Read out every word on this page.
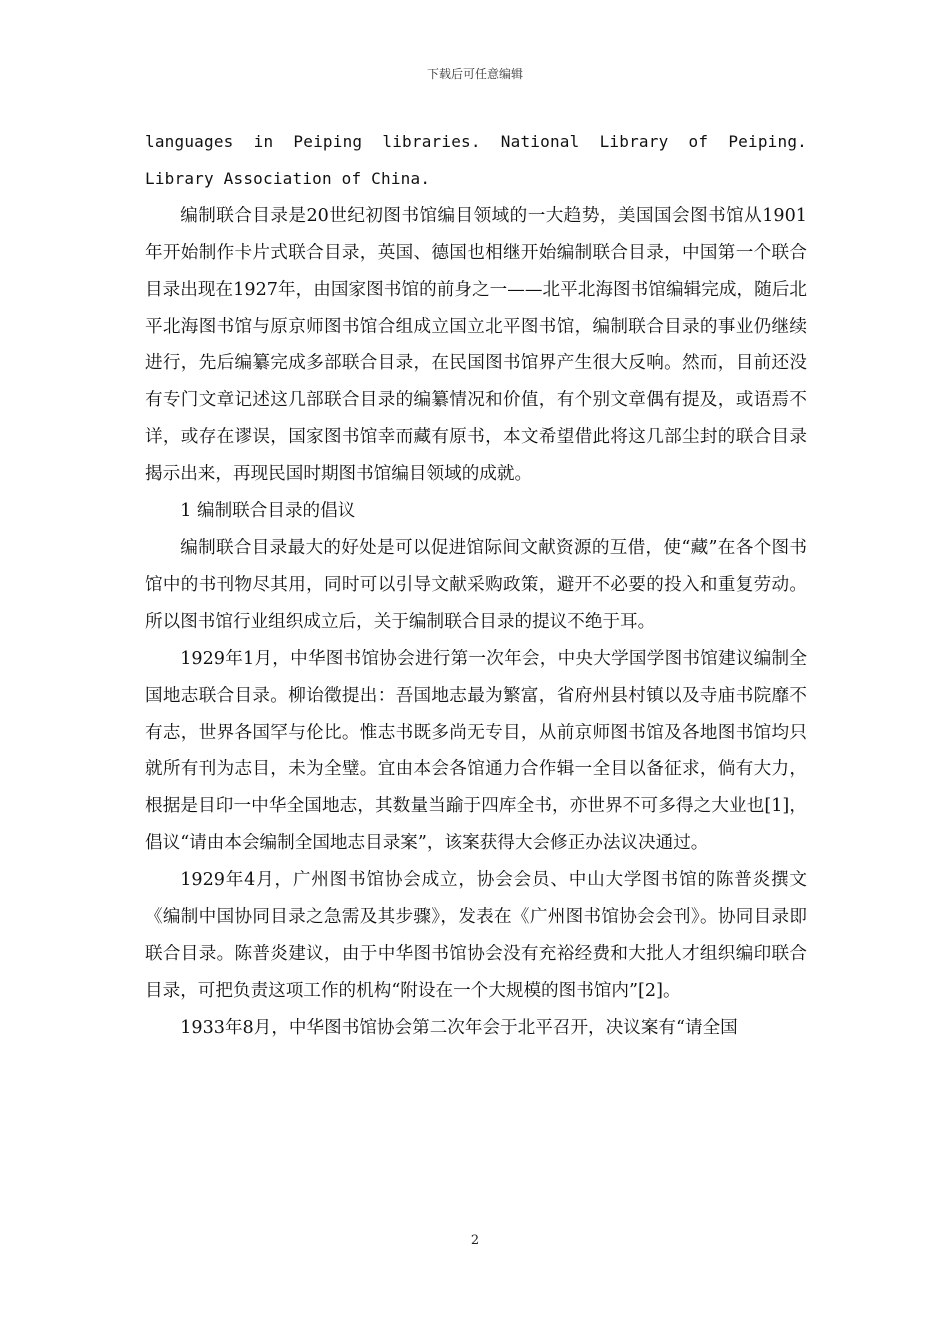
下载后可任意编辑

languages in Peiping libraries. National Library of Peiping. Library Association of China.

编制联合目录是20世纪初图书馆编目领域的一大趋势，美国国会图书馆从1901年开始制作卡片式联合目录，英国、德国也相继开始编制联合目录，中国第一个联合目录出现在1927年，由国家图书馆的前身之一——北平北海图书馆编辑完成，随后北平北海图书馆与原京师图书馆合组成立国立北平图书馆，编制联合目录的事业仍继续进行，先后编纂完成多部联合目录，在民国图书馆界产生很大反响。然而，目前还没有专门文章记述这几部联合目录的编纂情况和价值，有个别文章偶有提及，或语焉不详，或存在谬误，国家图书馆幸而藏有原书，本文希望借此将这几部尘封的联合目录揭示出来，再现民国时期图书馆编目领域的成就。

1 编制联合目录的倡议

编制联合目录最大的好处是可以促进馆际间文献资源的互借，使“藏”在各个图书馆中的书刊物尽其用，同时可以引导文献采购政策，避开不必要的投入和重复劳动。所以图书馆行业组织成立后，关于编制联合目录的提议不绝于耳。

1929年1月，中华图书馆协会进行第一次年会，中央大学国学图书馆建议编制全国地志联合目录。柳诒徵提出：吾国地志最为繁富，省府州县村镇以及寺庙书院靡不有志，世界各国罕与伦比。惟志书既多尚无专目，从前京师图书馆及各地图书馆均只就所有刊为志目，未为全璧。宜由本会各馆通力合作辑一全目以备征求，倘有大力，根据是目印一中华全国地志，其数量当踰于四库全书，亦世界不可多得之大业也[1]，倡议“请由本会编制全国地志目录案”，该案获得大会修正办法议决通过。

1929年4月，广州图书馆协会成立，协会会员、中山大学图书馆的陈普炎撰文《编制中国协同目录之急需及其步骤》，发表在《广州图书馆协会会刊》。协同目录即联合目录。陈普炎建议，由于中华图书馆协会没有充裕经费和大批人才组织编印联合目录，可把负责这项工作的机构“附设在一个大规模的图书馆内”[2]。

1933年8月，中华图书馆协会第二次年会于北平召开，决议案有“请全国

2
